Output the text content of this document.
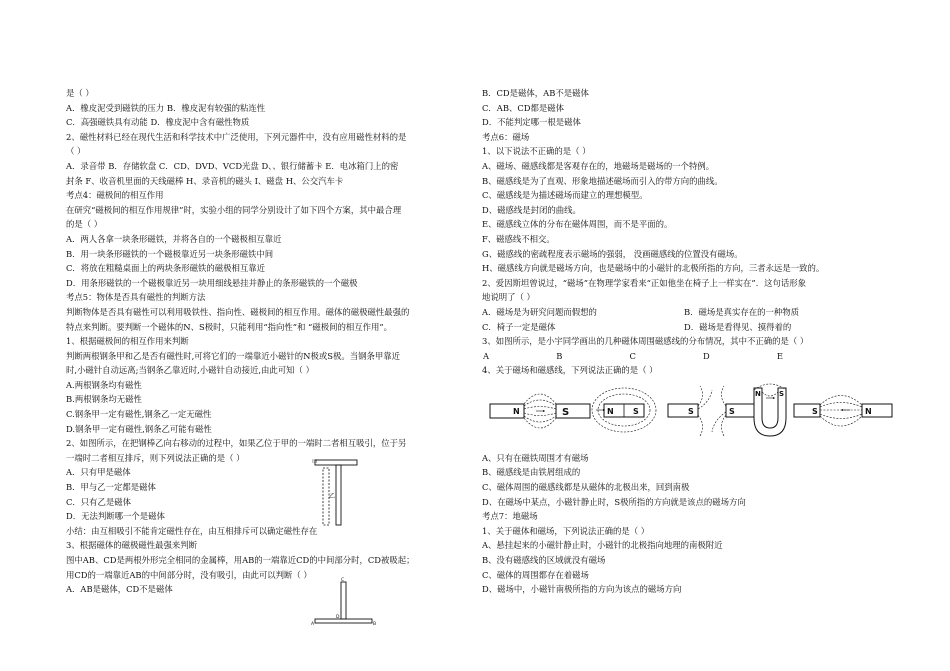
是（ ）
A．橡皮泥受到磁铁的压力 B．橡皮泥有较强的粘连性
C．高强磁铁具有动能 D．橡皮泥中含有磁性物质
2、磁性材料已经在现代生活和科学技术中广泛使用，下列元器件中，没有应用磁性材料的是
（ ）
A．录音带 B．存储软盘 C．CD、DVD、VCD光盘 D、、银行储蓄卡 E．电冰箱门上的密
封条 F、收音机里面的天线磁棒 H、录音机的磁头 I、磁盘 H、公交汽车卡
考点4：磁极间的相互作用
在研究“磁极间的相互作用规律”时，实验小组的同学分别设计了如下四个方案，其中最合理
的是（ ）
A．两人各拿一块条形磁铁，并将各自的一个磁极相互靠近
B．用一块条形磁铁的一个磁极靠近另一块条形磁铁中间
C．将放在粗糙桌面上的两块条形磁铁的磁极相互靠近
D．用条形磁铁的一个磁极靠近另一块用细线悬挂并静止的条形磁铁的一个磁极
考点5：物体是否具有磁性的判断方法
判断物体是否具有磁性可以利用吸铁性、指向性、磁极间的相互作用。磁体的磁极磁性最强的
特点来判断。要判断一个磁体的N、S极时，只能利用“指向性”和 “磁极间的相互作用”。
1、根据磁极间的相互作用来判断
判断两根钢条甲和乙是否有磁性时,可将它们的一端靠近小磁针的N极或S极。当钢条甲靠近
时,小磁针自动远离;当钢条乙靠近时,小磁针自动接近,由此可知（ ）
A.两根钢条均有磁性
B.两根钢条均无磁性
C.钢条甲一定有磁性,钢条乙一定无磁性
D.钢条甲一定有磁性,钢条乙可能有磁性
2、如图所示，在把钢棒乙向右移动的过程中，如果乙位于甲的一端时二者相互吸引，位于另
一端时二者相互排斥，则下列说法正确的是（ ）
A．只有甲是磁体
B．甲与乙一定都是磁体
C．只有乙是磁体
D．无法判断哪一个是磁体
小结：由互相吸引不能肯定磁性存在，由互相排斥可以确定磁性存在
3、根据磁体的磁极磁性最强来判断
图中AB、CD是两根外形完全相同的金属棒，用AB的一端靠近CD的中间部分时，CD被吸起；
用CD的一端靠近AB的中间部分时，没有吸引，由此可以判断（ ）
A．AB是磁体，CD不是磁体
甲
乙
C
D
A	B
B．CD是磁体，AB不是磁体
C．AB、CD都是磁体
D．不能判定哪一根是磁体
考点6：磁场
1、以下说法不正确的是（ ）
A、磁场、磁感线都是客观存在的，地磁场是磁场的一个特例。
B、磁感线是为了直观、形象地描述磁场而引入的带方向的曲线。
C、磁感线是为描述磁场而建立的理想模型。
D、磁感线是封闭的曲线。
E、磁感线立体的分布在磁体周围，而不是平面的。
F、磁感线不相交。
G、磁感线的密疏程度表示磁场的强弱， 没画磁感线的位置没有磁场。
H、磁感线方向就是磁场方向，也是磁场中的小磁针的北极所指的方向，三者永远是一致的。
2、爱因斯坦曾说过，“磁场”在物理学家看来“正如他坐在椅子上一样实在”．这句话形象
地说明了（ ）
A．磁场是为研究问题而假想的	B．磁场是真实存在的一种物质
C．椅子一定是磁体	D．磁场是看得见、摸得着的
3、如图所示，是小宇同学画出的几种磁体周围磁感线的分布情况，其中不正确的是（ ）
A	B	C	D	E
4、关于磁场和磁感线，下列说法正确的是（ ）
A、只有在磁铁周围才有磁场
B、磁感线是由铁屑组成的
C、磁体周围的磁感线都是从磁体的北极出来，回到南极
D、在磁场中某点，小磁针静止时，S极所指的方向就是该点的磁场方向
考点7：地磁场
1、关于磁体和磁场，下列说法正确的是（ ）
A、悬挂起来的小磁针静止时，小磁针的北极指向地理的南极附近
B、没有磁感线的区域就没有磁场
C、磁体的周围都存在着磁场
D、磁场中，小磁针南极所指的方向为该点的磁场方向
N	S	N S	S	S
N	S
S	N
